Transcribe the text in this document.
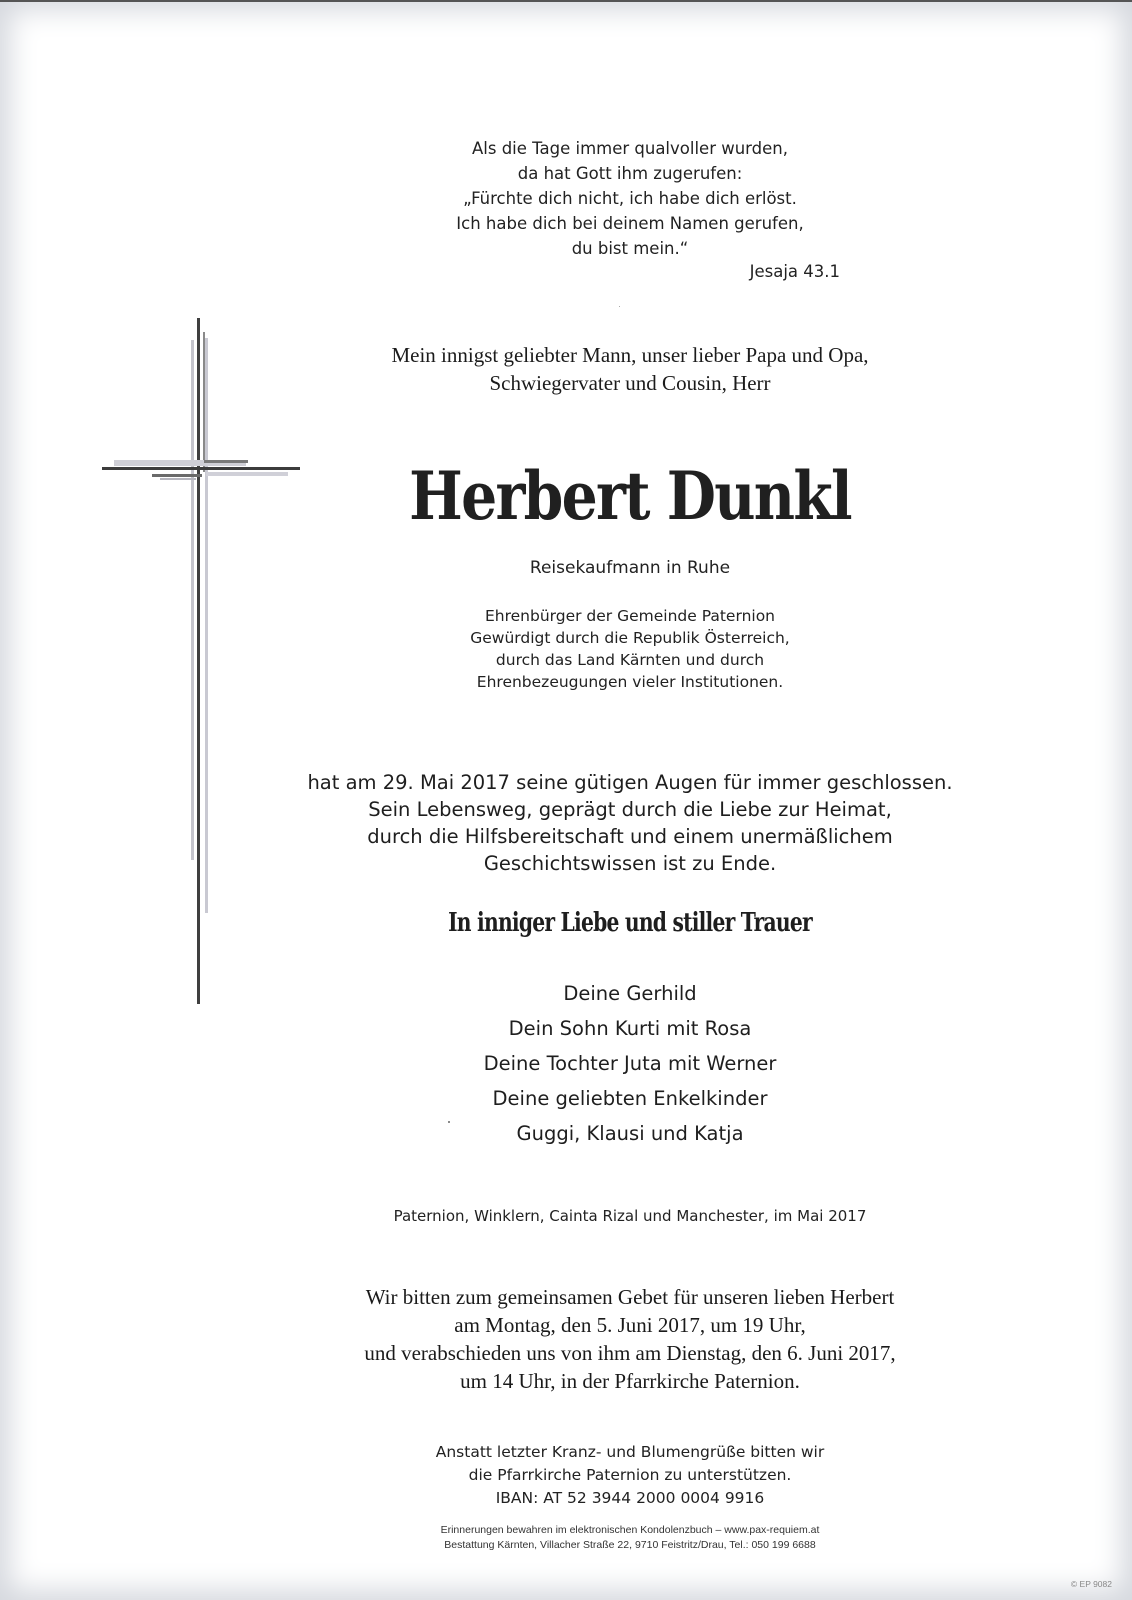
Als die Tage immer qualvoller wurden,
da hat Gott ihm zugerufen:
„Fürchte dich nicht, ich habe dich erlöst.
Ich habe dich bei deinem Namen gerufen,
du bist mein.“
Jesaja 43.1
Mein innigst geliebter Mann, unser lieber Papa und Opa,
Schwiegervater und Cousin, Herr
Herbert Dunkl
Reisekaufmann in Ruhe
Ehrenbürger der Gemeinde Paternion
Gewürdigt durch die Republik Österreich,
durch das Land Kärnten und durch
Ehrenbezeugungen vieler Institutionen.
hat am 29. Mai 2017 seine gütigen Augen für immer geschlossen.
Sein Lebensweg, geprägt durch die Liebe zur Heimat,
durch die Hilfsbereitschaft und einem unermäßlichem
Geschichtswissen ist zu Ende.
In inniger Liebe und stiller Trauer
Deine Gerhild
Dein Sohn Kurti mit Rosa
Deine Tochter Juta mit Werner
Deine geliebten Enkelkinder
Guggi, Klausi und Katja
Paternion, Winklern, Cainta Rizal und Manchester, im Mai 2017
Wir bitten zum gemeinsamen Gebet für unseren lieben Herbert
am Montag, den 5. Juni 2017, um 19 Uhr,
und verabschieden uns von ihm am Dienstag, den 6. Juni 2017,
um 14 Uhr, in der Pfarrkirche Paternion.
Anstatt letzter Kranz- und Blumengrüße bitten wir
die Pfarrkirche Paternion zu unterstützen.
IBAN: AT 52 3944 2000 0004 9916
Erinnerungen bewahren im elektronischen Kondolenzbuch – www.pax-requiem.at
Bestattung Kärnten, Villacher Straße 22, 9710 Feistritz/Drau, Tel.: 050 199 6688
© EP 9082
